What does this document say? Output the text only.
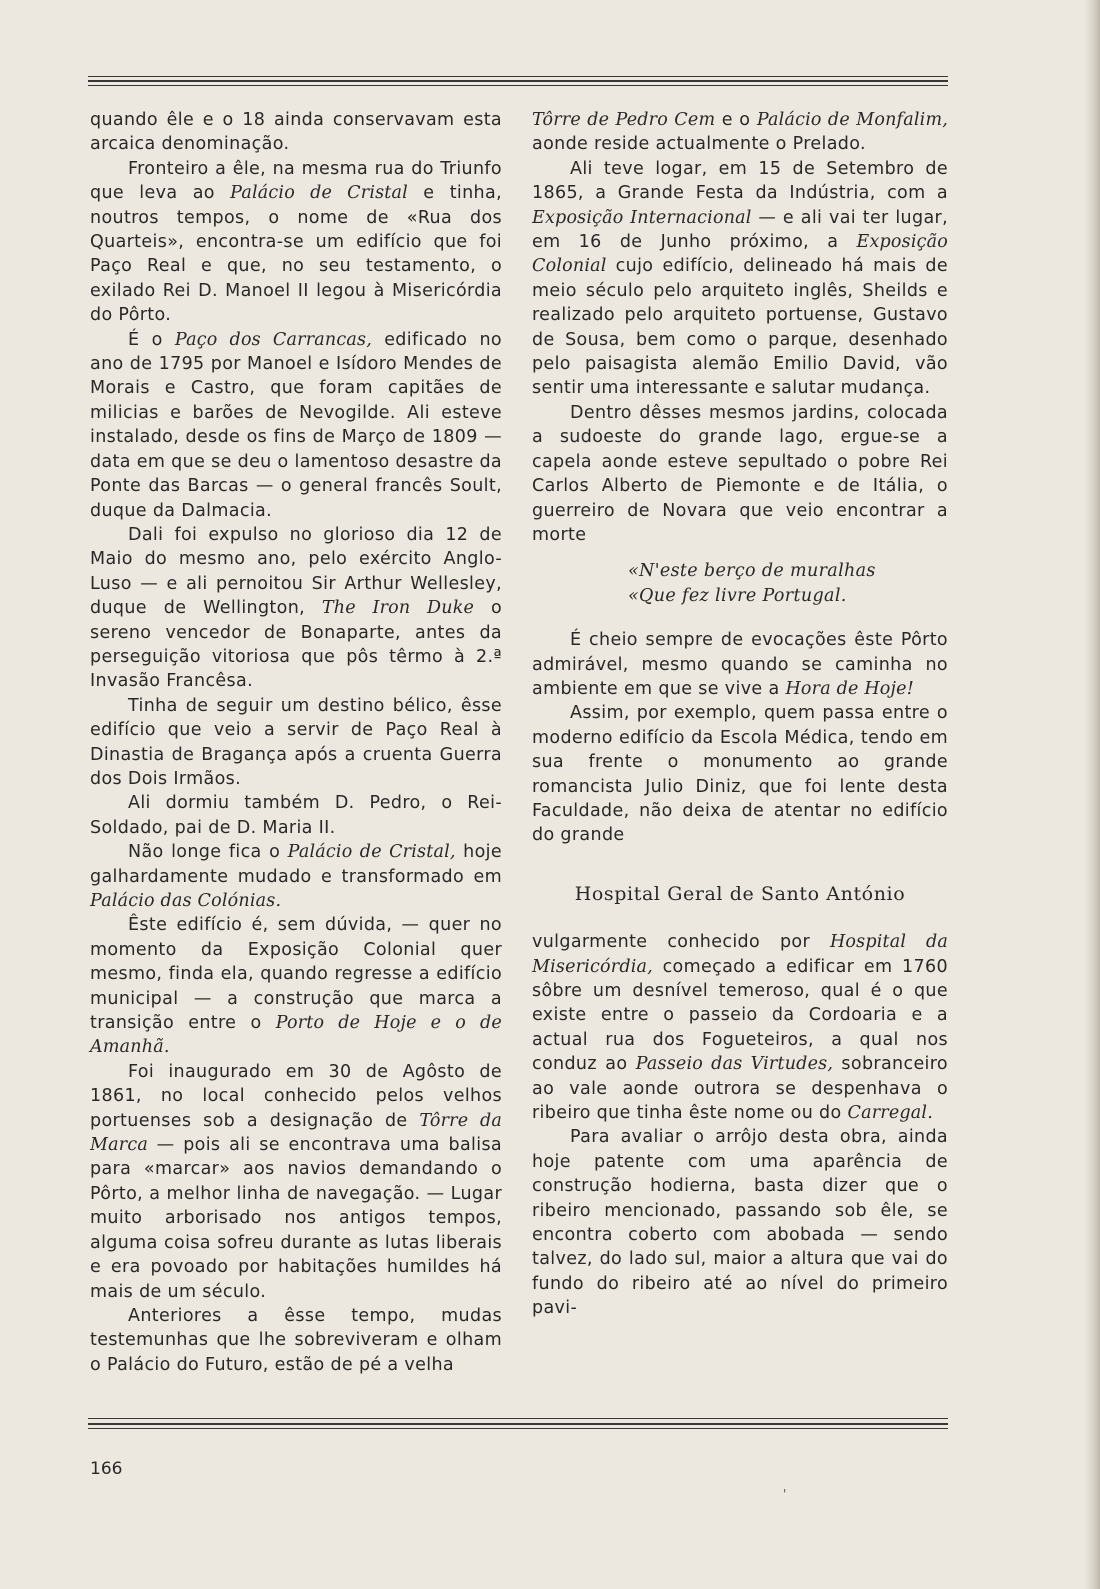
quando êle e o 18 ainda conservavam esta arcaica denominação.

Fronteiro a êle, na mesma rua do Triunfo que leva ao Palácio de Cristal e tinha, noutros tempos, o nome de «Rua dos Quarteis», encontra-se um edifício que foi Paço Real e que, no seu testamento, o exilado Rei D. Manoel II legou à Misericórdia do Pôrto.

É o Paço dos Carrancas, edificado no ano de 1795 por Manoel e Isídoro Mendes de Morais e Castro, que foram capitães de milicias e barões de Nevogilde. Ali esteve instalado, desde os fins de Março de 1809 — data em que se deu o lamentoso desastre da Ponte das Barcas — o general francês Soult, duque da Dalmacia.

Dali foi expulso no glorioso dia 12 de Maio do mesmo ano, pelo exército Anglo-Luso — e ali pernoitou Sir Arthur Wellesley, duque de Wellington, The Iron Duke o sereno vencedor de Bonaparte, antes da perseguição vitoriosa que pôs têrmo à 2.ª Invasão Francêsa.

Tinha de seguir um destino bélico, êsse edifício que veio a servir de Paço Real à Dinastia de Bragança após a cruenta Guerra dos Dois Irmãos.

Ali dormiu também D. Pedro, o Rei-Soldado, pai de D. Maria II.

Não longe fica o Palácio de Cristal, hoje galhardamente mudado e transformado em Palácio das Colónias.

Êste edifício é, sem dúvida, — quer no momento da Exposição Colonial quer mesmo, finda ela, quando regresse a edifício municipal — a construção que marca a transição entre o Porto de Hoje e o de Amanhã.

Foi inaugurado em 30 de Agôsto de 1861, no local conhecido pelos velhos portuenses sob a designação de Tôrre da Marca — pois ali se encontrava uma balisa para «marcar» aos navios demandando o Pôrto, a melhor linha de navegação. — Lugar muito arborisado nos antigos tempos, alguma coisa sofreu durante as lutas liberais e era povoado por habitações humildes há mais de um século.

Anteriores a êsse tempo, mudas testemunhas que lhe sobreviveram e olham o Palácio do Futuro, estão de pé a velha

Tôrre de Pedro Cem e o Palácio de Monfalim, aonde reside actualmente o Prelado.

Ali teve logar, em 15 de Setembro de 1865, a Grande Festa da Indústria, com a Exposição Internacional — e ali vai ter lugar, em 16 de Junho próximo, a Exposição Colonial cujo edifício, delineado há mais de meio século pelo arquiteto inglês, Sheilds e realizado pelo arquiteto portuense, Gustavo de Sousa, bem como o parque, desenhado pelo paisagista alemão Emilio David, vão sentir uma interessante e salutar mudança.

Dentro dêsses mesmos jardins, colocada a sudoeste do grande lago, ergue-se a capela aonde esteve sepultado o pobre Rei Carlos Alberto de Piemonte e de Itália, o guerreiro de Novara que veio encontrar a morte

«N'este berço de muralhas
«Que fez livre Portugal.

É cheio sempre de evocações êste Pôrto admirável, mesmo quando se caminha no ambiente em que se vive a Hora de Hoje!

Assim, por exemplo, quem passa entre o moderno edifício da Escola Médica, tendo em sua frente o monumento ao grande romancista Julio Diniz, que foi lente desta Faculdade, não deixa de atentar no edifício do grande

Hospital Geral de Santo António

vulgarmente conhecido por Hospital da Misericórdia, começado a edificar em 1760 sôbre um desnível temeroso, qual é o que existe entre o passeio da Cordoaria e a actual rua dos Fogueteiros, a qual nos conduz ao Passeio das Virtudes, sobranceiro ao vale aonde outrora se despenhava o ribeiro que tinha êste nome ou do Carregal.

Para avaliar o arrôjo desta obra, ainda hoje patente com uma aparência de construção hodierna, basta dizer que o ribeiro mencionado, passando sob êle, se encontra coberto com abobada — sendo talvez, do lado sul, maior a altura que vai do fundo do ribeiro até ao nível do primeiro pavi-

166
'
